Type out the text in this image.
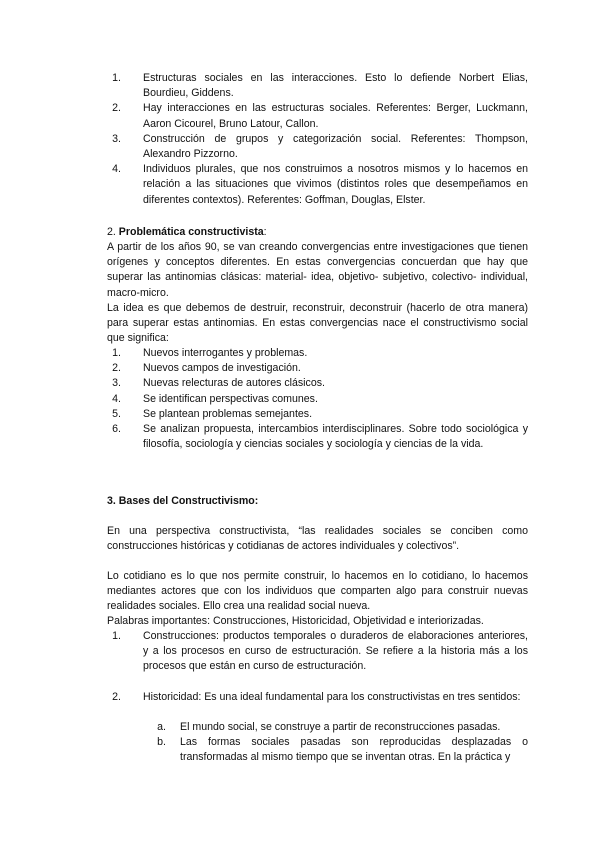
1. Estructuras sociales en las interacciones. Esto lo defiende Norbert Elias, Bourdieu, Giddens.
2. Hay interacciones en las estructuras sociales. Referentes: Berger, Luckmann, Aaron Cicourel, Bruno Latour, Callon.
3. Construcción de grupos y categorización social. Referentes: Thompson, Alexandro Pizzorno.
4. Individuos plurales, que nos construimos a nosotros mismos y lo hacemos en relación a las situaciones que vivimos (distintos roles que desempeñamos en diferentes contextos). Referentes: Goffman, Douglas, Elster.
2. Problemática constructivista:
A partir de los años 90, se van creando convergencias entre investigaciones que tienen orígenes y conceptos diferentes. En estas convergencias concuerdan que hay que superar las antinomias clásicas: material- idea, objetivo- subjetivo, colectivo- individual, macro-micro.
La idea es que debemos de destruir, reconstruir, deconstruir (hacerlo de otra manera) para superar estas antinomias. En estas convergencias nace el constructivismo social que significa:
1. Nuevos interrogantes y problemas.
2. Nuevos campos de investigación.
3. Nuevas relecturas de autores clásicos.
4. Se identifican perspectivas comunes.
5. Se plantean problemas semejantes.
6. Se analizan propuesta, intercambios interdisciplinares. Sobre todo sociológica y filosofía, sociología y ciencias sociales y sociología y ciencias de la vida.
3. Bases del Constructivismo:
En una perspectiva constructivista, “las realidades sociales se conciben como construcciones históricas y cotidianas de actores individuales y colectivos”.
Lo cotidiano es lo que nos permite construir, lo hacemos en lo cotidiano, lo hacemos mediantes actores que con los individuos que comparten algo para construir nuevas realidades sociales. Ello crea una realidad social nueva.
Palabras importantes: Construcciones, Historicidad, Objetividad e interiorizadas.
1. Construcciones: productos temporales o duraderos de elaboraciones anteriores, y a los procesos en curso de estructuración. Se refiere a la historia más a los procesos que están en curso de estructuración.
2. Historicidad: Es una ideal fundamental para los constructivistas en tres sentidos:
a. El mundo social, se construye a partir de reconstrucciones pasadas.
b. Las formas sociales pasadas son reproducidas desplazadas o transformadas al mismo tiempo que se inventan otras. En la práctica y
